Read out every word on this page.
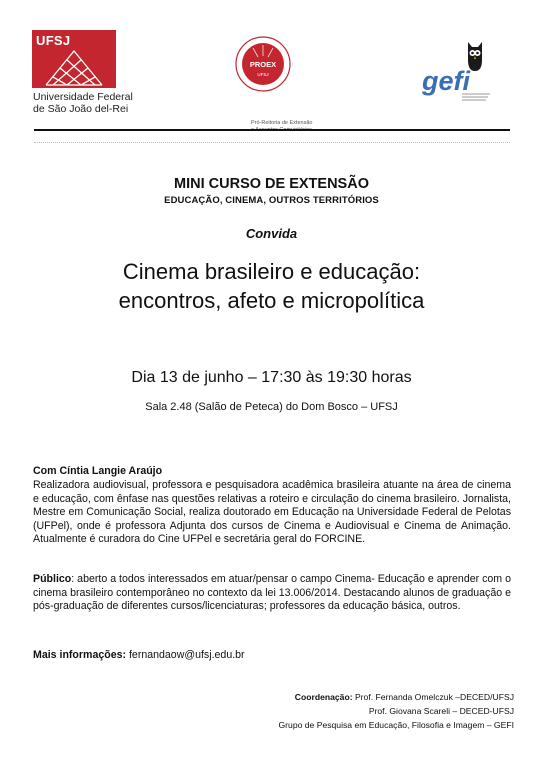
UFSJ
Universidade Federal
de São João del-Rei
PROEX
UFSJ
Pró-Reitoria de Extensão
gefi
MINI CURSO DE EXTENSÃO
EDUCAÇÃO, CINEMA, OUTROS TERRITÓRIOS
Convida
Cinema brasileiro e educação:
encontros, afeto e micropolítica
Dia 13 de junho – 17:30 às 19:30 horas
Sala 2.48 (Salão de Peteca) do Dom Bosco – UFSJ
Com Cíntia Langie Araújo
Realizadora audiovisual, professora e pesquisadora acadêmica brasileira atuante na área de cinema e educação, com ênfase nas questões relativas a roteiro e circulação do cinema brasileiro. Jornalista, Mestre em Comunicação Social, realiza doutorado em Educação na Universidade Federal de Pelotas (UFPel), onde é professora Adjunta dos cursos de Cinema e Audiovisual e Cinema de Animação. Atualmente é curadora do Cine UFPel e secretária geral do FORCINE.
Público: aberto a todos interessados em atuar/pensar o campo Cinema- Educação e aprender com o cinema brasileiro contemporâneo no contexto da lei 13.006/2014. Destacando alunos de graduação e pós-graduação de diferentes cursos/licenciaturas; professores da educação básica, outros.
Mais informações: fernandaow@ufsj.edu.br
Coordenação: Prof. Fernanda Omelczuk –DECED/UFSJ
Prof. Giovana Scareli – DECED-UFSJ
Grupo de Pesquisa em Educação, Filosofia e Imagem – GEFI
